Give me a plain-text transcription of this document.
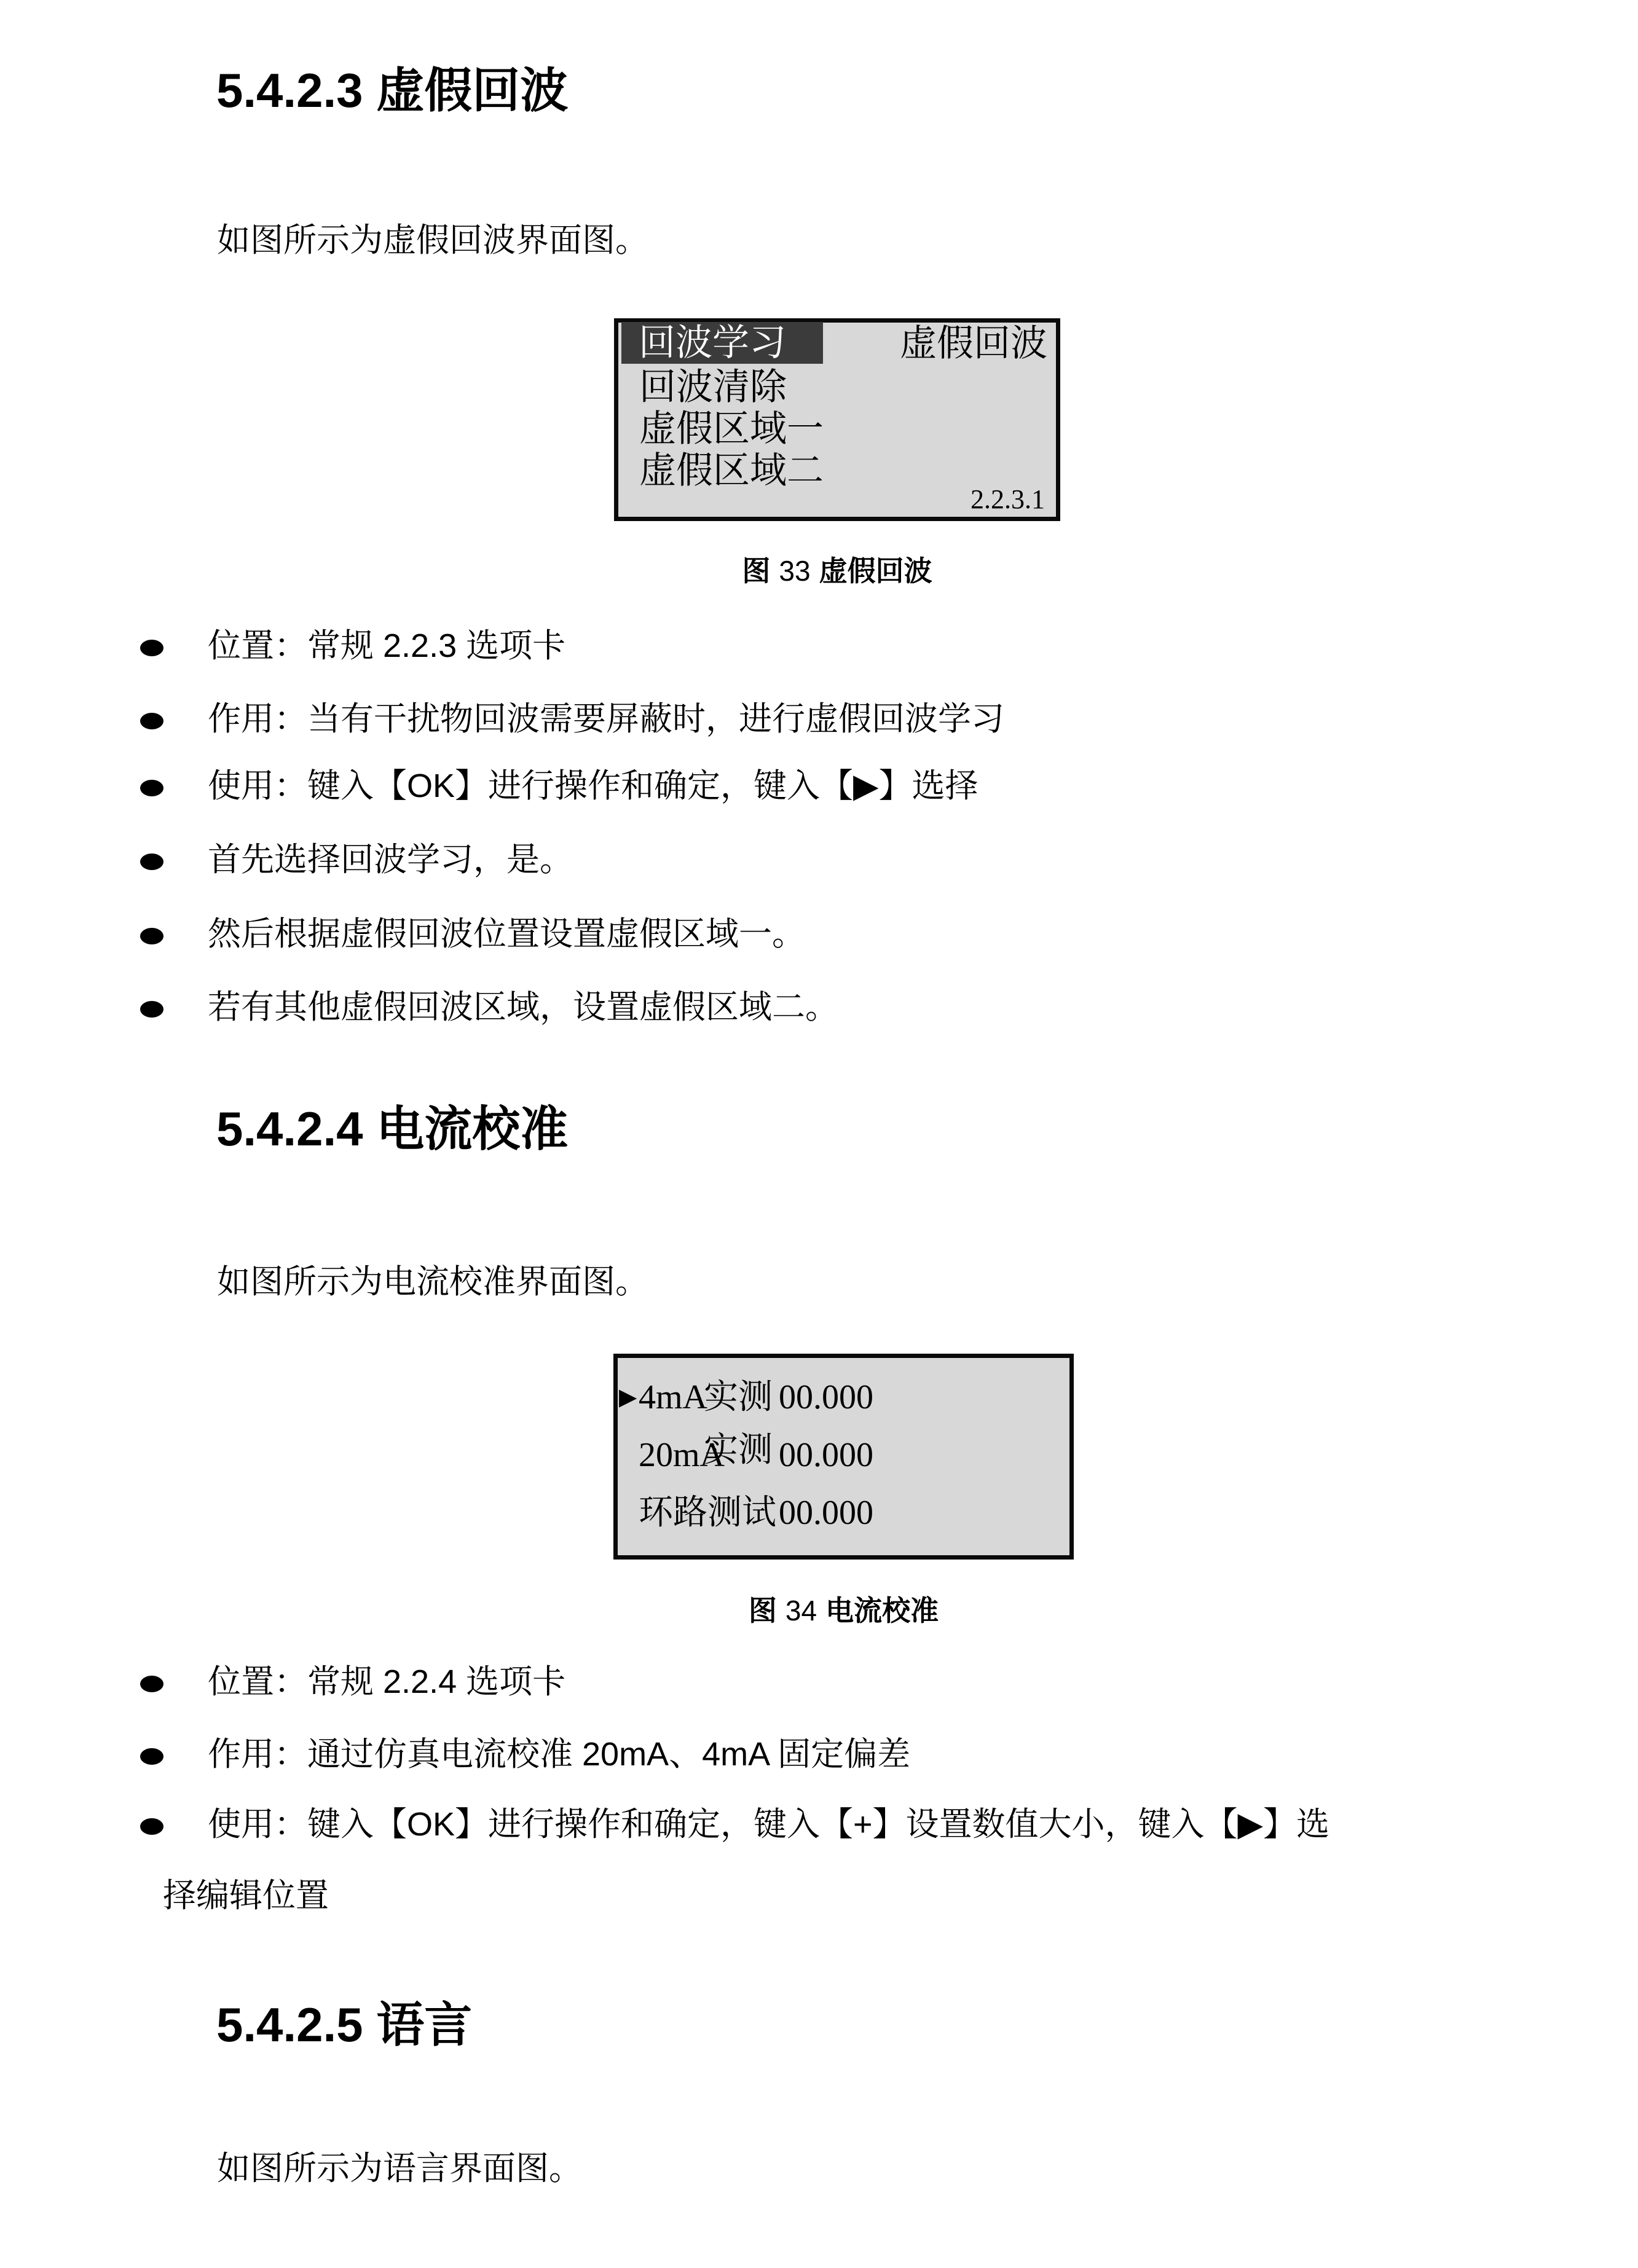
5.4.2.3 虚假回波
如图所示为虚假回波界面图。
回波学习	虚假回波
回波清除
虚假区域一
虚假区域二
2.2.3.1
图 33 虚假回波
位置：常规 2.2.3 选项卡
作用：当有干扰物回波需要屏蔽时，进行虚假回波学习
使用：键入【OK】进行操作和确定，键入【▶】选择
首先选择回波学习，是。
然后根据虚假回波位置设置虚假区域一。
若有其他虚假回波区域，设置虚假区域二。
5.4.2.4 电流校准
如图所示为电流校准界面图。
▶ 4mA
实测 00.000
20mA
实测 00.000
环路测试 00.000
图 34 电流校准
位置：常规 2.2.4 选项卡
作用：通过仿真电流校准 20mA、4mA 固定偏差
使用：键入【OK】进行操作和确定，键入【+】设置数值大小，键入【▶】选
择编辑位置
5.4.2.5 语言
如图所示为语言界面图。
